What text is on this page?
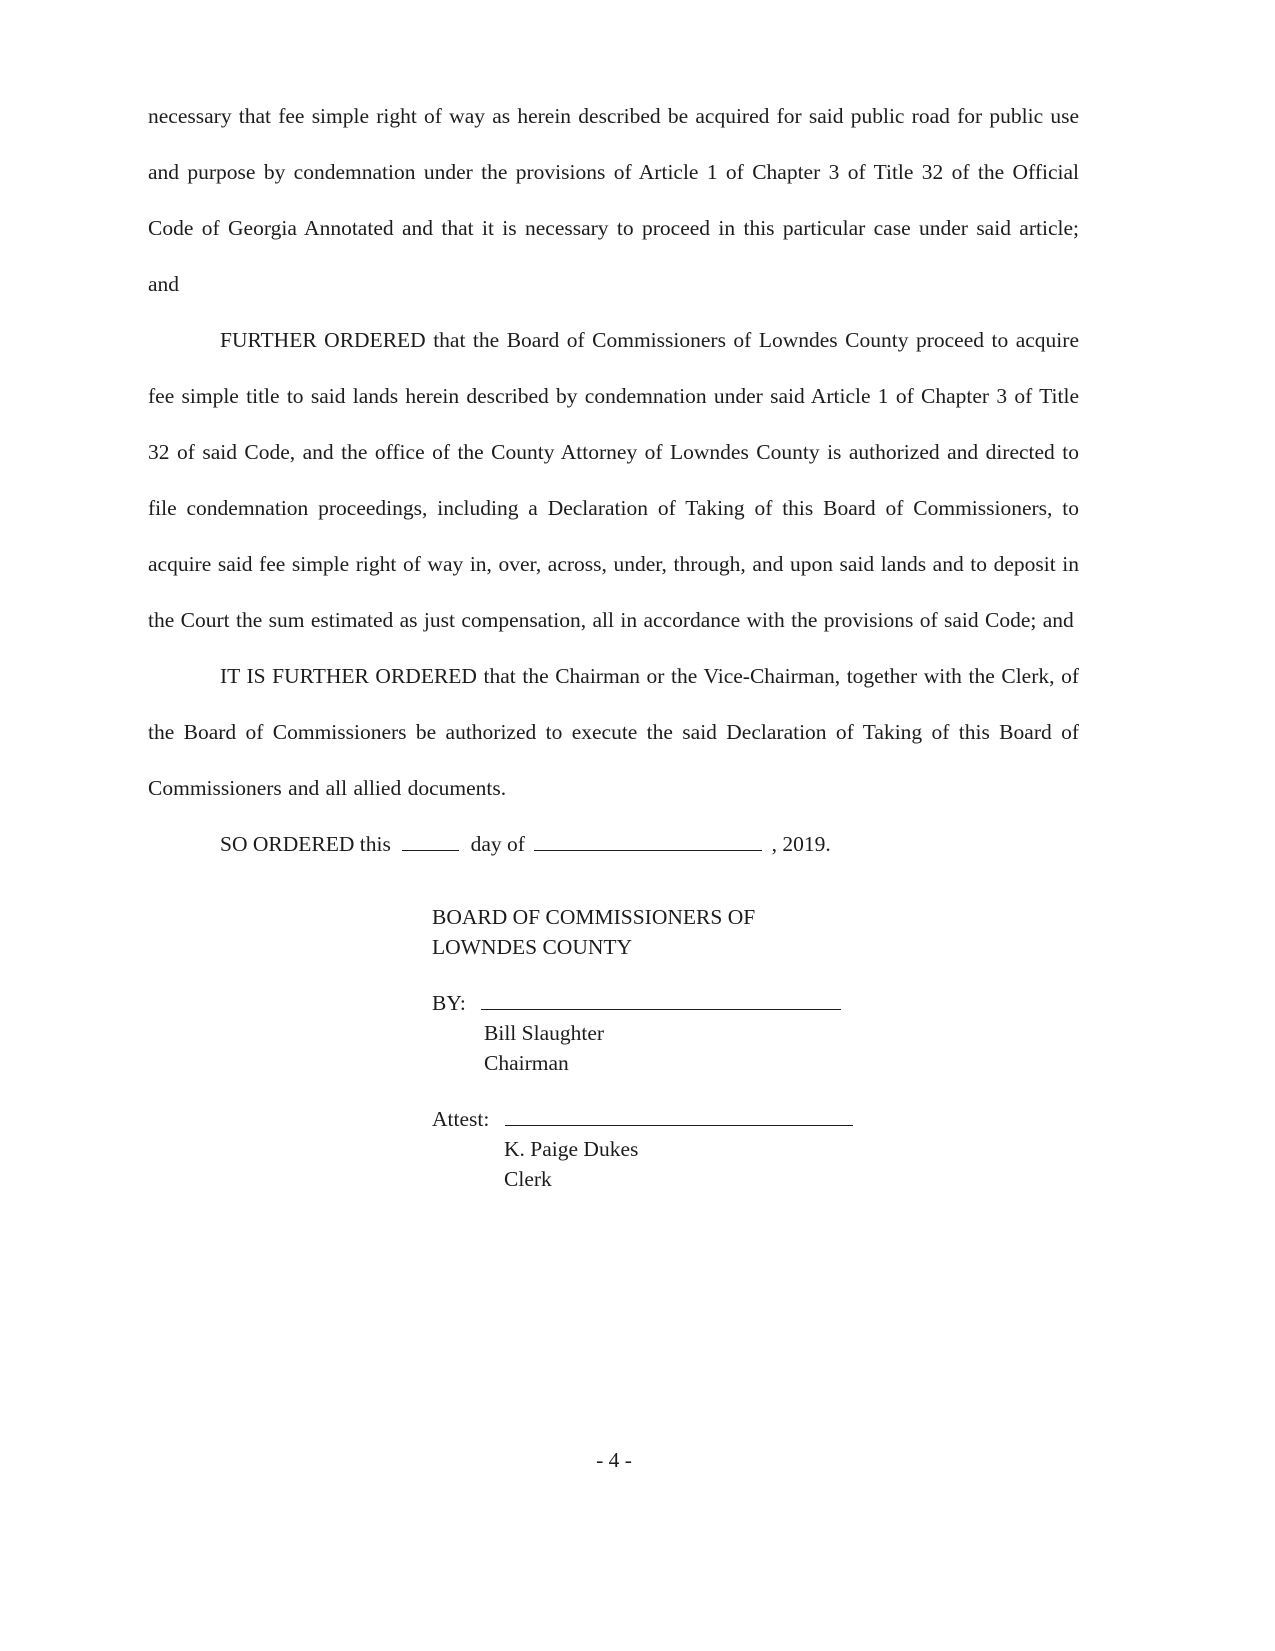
necessary that fee simple right of way as herein described be acquired for said public road for public use and purpose by condemnation under the provisions of Article 1 of Chapter 3 of Title 32 of the Official Code of Georgia Annotated and that it is necessary to proceed in this particular case under said article; and

FURTHER ORDERED that the Board of Commissioners of Lowndes County proceed to acquire fee simple title to said lands herein described by condemnation under said Article 1 of Chapter 3 of Title 32 of said Code, and the office of the County Attorney of Lowndes County is authorized and directed to file condemnation proceedings, including a Declaration of Taking of this Board of Commissioners, to acquire said fee simple right of way in, over, across, under, through, and upon said lands and to deposit in the Court the sum estimated as just compensation, all in accordance with the provisions of said Code; and

IT IS FURTHER ORDERED that the Chairman or the Vice-Chairman, together with the Clerk, of the Board of Commissioners be authorized to execute the said Declaration of Taking of this Board of Commissioners and all allied documents.

SO ORDERED this	day of	, 2019.

BOARD OF COMMISSIONERS OF
LOWNDES COUNTY
BY:
Bill Slaughter
Chairman
Attest:
K. Paige Dukes
Clerk
- 4 -
